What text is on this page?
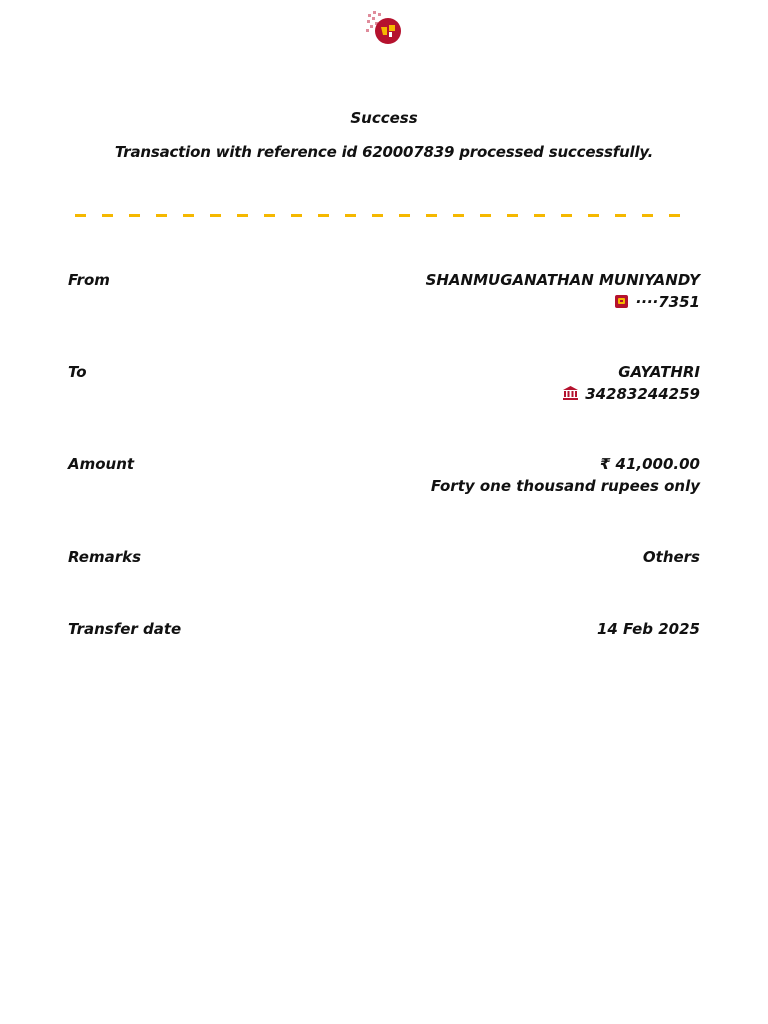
Success
Transaction with reference id 620007839 processed successfully.
From	SHANMUGANATHAN MUNIYANDY
····7351
To	GAYATHRI
34283244259
Amount	₹ 41,000.00
Forty one thousand rupees only
Remarks	Others
Transfer date	14 Feb 2025
